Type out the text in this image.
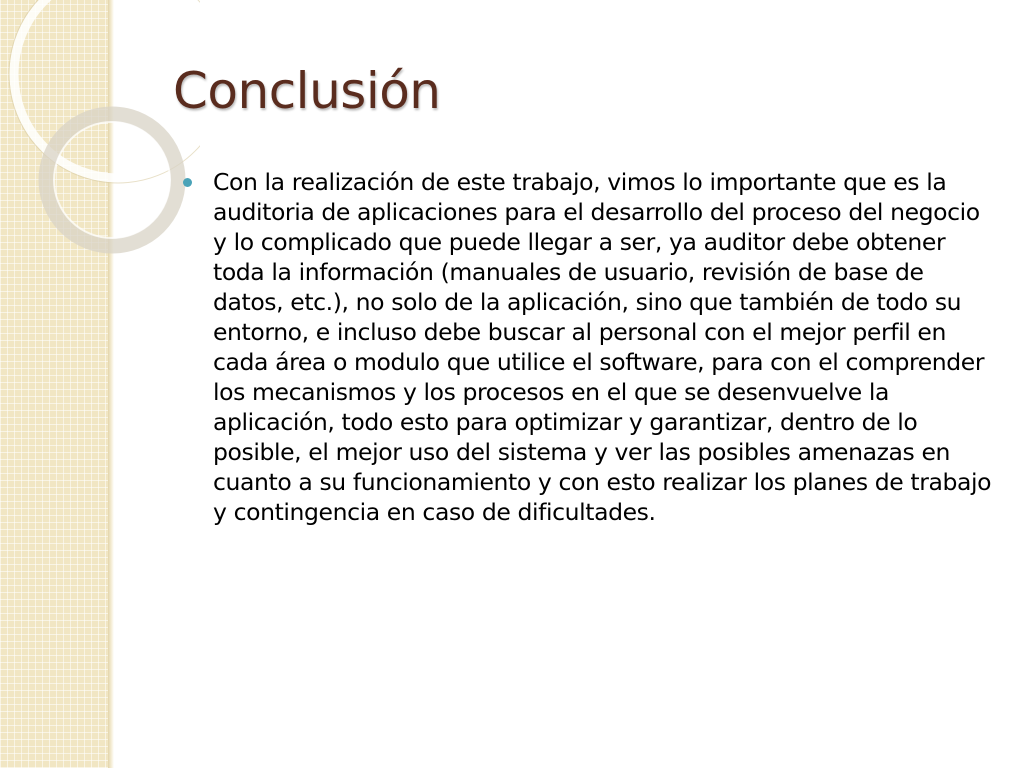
Conclusión
Con la realización de este trabajo, vimos lo importante que es la auditoria de aplicaciones para el desarrollo del proceso del negocio y lo complicado que puede llegar a ser, ya auditor debe obtener toda la información (manuales de usuario, revisión de base de datos, etc.), no solo de la aplicación, sino que también de todo su entorno, e incluso debe buscar al personal con el mejor perfil en cada área o modulo que utilice el software, para con el comprender los mecanismos y los procesos en el que se desenvuelve la aplicación, todo esto para optimizar y garantizar, dentro de lo posible, el mejor uso del sistema y ver las posibles amenazas en cuanto a su funcionamiento y con esto realizar los planes de trabajo y contingencia en caso de dificultades.
